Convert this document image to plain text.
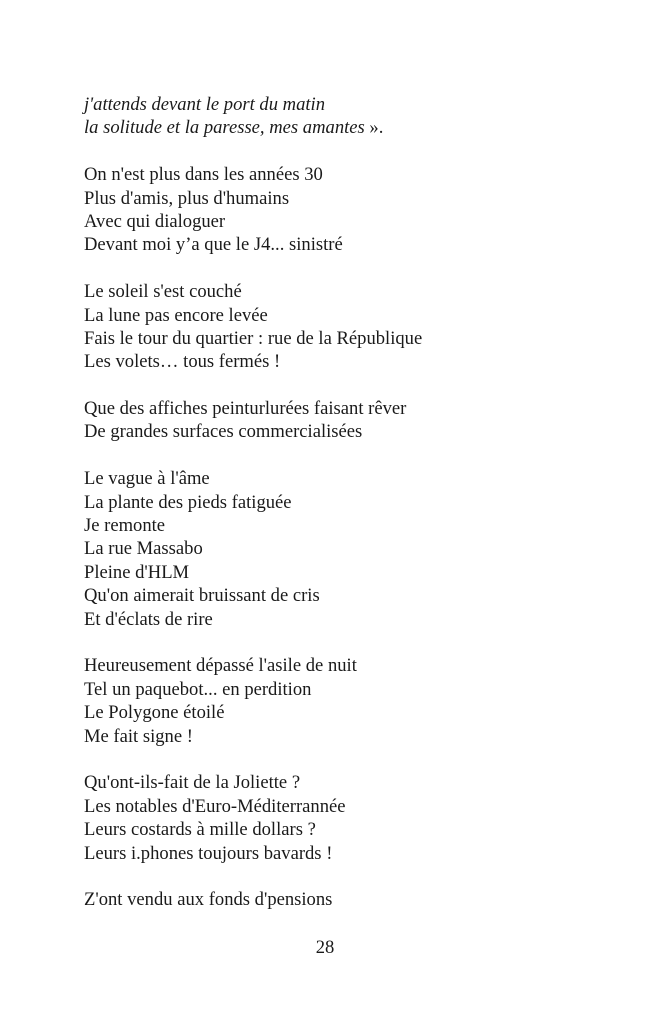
j'attends devant le port du matin
la solitude et la paresse, mes amantes ».
On n'est plus dans les années 30
Plus d'amis, plus d'humains
Avec qui dialoguer
Devant moi y’a que le J4... sinistré
Le soleil s'est couché
La lune pas encore levée
Fais le tour du quartier : rue de la République
Les volets… tous fermés !
Que des affiches peinturlurées faisant rêver
De grandes surfaces commercialisées
Le vague à l'âme
La plante des pieds fatiguée
Je remonte
La rue Massabo
Pleine d'HLM
Qu'on aimerait bruissant de cris
Et d'éclats de rire
Heureusement dépassé l'asile de nuit
Tel un paquebot... en perdition
Le Polygone étoilé
Me fait signe !
Qu'ont-ils-fait de la Joliette ?
Les notables d'Euro-Méditerrannée
Leurs costards à mille dollars ?
Leurs i.phones toujours bavards !
Z'ont vendu aux fonds d'pensions
28
